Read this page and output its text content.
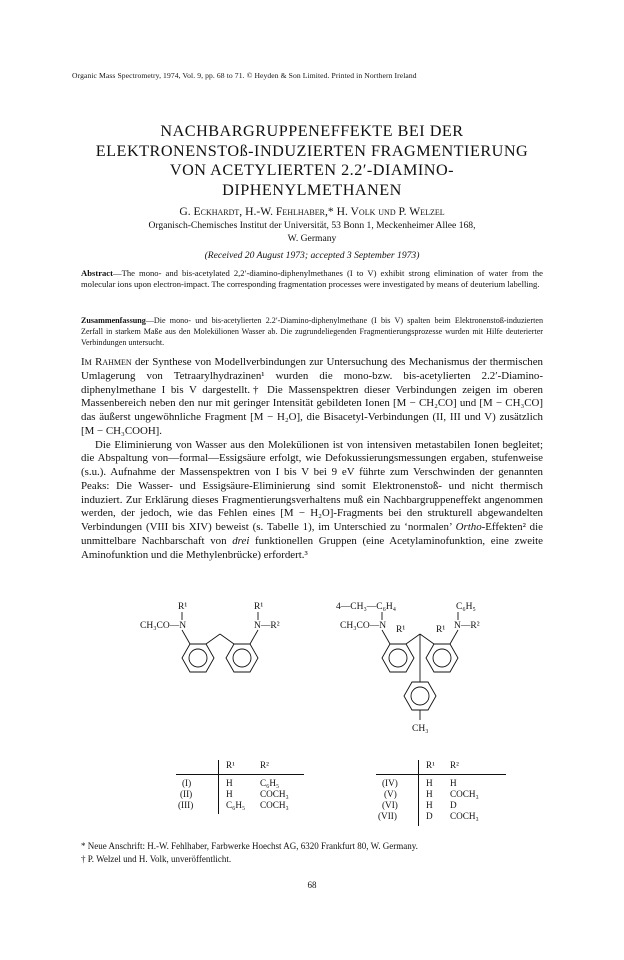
Organic Mass Spectrometry, 1974, Vol. 9, pp. 68 to 71. © Heyden & Son Limited. Printed in Northern Ireland
NACHBARGRUPPENEFFEKTE BEI DER
ELEKTRONENSTOß-INDUZIERTEN FRAGMENTIERUNG
VON ACETYLIERTEN 2.2′-DIAMINO-
DIPHENYLMETHANEN
G. Eckhardt, H.-W. Fehlhaber,* H. Volk und P. Welzel
Organisch-Chemisches Institut der Universität, 53 Bonn 1, Meckenheimer Allee 168,
W. Germany
(Received 20 August 1973; accepted 3 September 1973)
Abstract—The mono- and bis-acetylated 2,2′-diamino-diphenylmethanes (I to V) exhibit strong elimination of water from the molecular ions upon electron-impact. The corresponding fragmentation processes were investigated by means of deuterium labelling.
Zusammenfassung—Die mono- und bis-acetylierten 2.2′-Diamino-diphenylmethane (I bis V) spalten beim Elektronenstoß-induzierten Zerfall in starkem Maße aus den Molekülionen Wasser ab. Die zugrundeliegenden Fragmentierungsprozesse wurden mit Hilfe deuterierter Verbindungen untersucht.

Im Rahmen der Synthese von Modellverbindungen zur Untersuchung des Mechanismus der thermischen Umlagerung von Tetraarylhydrazinen¹ wurden die mono-bzw. bis-acetylierten 2.2′-Diamino-diphenylmethane I bis V dargestellt.† Die Massenspektren dieser Verbindungen zeigen im oberen Massenbereich neben den nur mit geringer Intensität gebildeten Ionen [M − CH₂CO] und [M − CH₃CO] das äußerst ungewöhnliche Fragment [M − H₂O], die Bisacetyl-Verbindungen (II, III und V) zusätzlich [M − CH₃COOH].

Die Eliminierung von Wasser aus den Molekülionen ist von intensiven metastabilen Ionen begleitet; die Abspaltung von—formal—Essigsäure erfolgt, wie Defokussierungsmessungen ergaben, stufenweise (s.u.). Aufnahme der Massenspektren von I bis V bei 9 eV führte zum Verschwinden der genannten Peaks: Die Wasser- und Essigsäure-Eliminierung sind somit Elektronenstoß- und nicht thermisch induziert. Zur Erklärung dieses Fragmentierungsverhaltens muß ein Nachbargruppeneffekt angenommen werden, der jedoch, wie das Fehlen eines [M − H₂O]-Fragments bei den strukturell abgewandelten Verbindungen (VIII bis XIV) beweist (s. Tabelle 1), im Unterschied zu ‘normalen’ Ortho-Effekten² die unmittelbare Nachbarschaft von drei funktionellen Gruppen (eine Acetylaminofunktion, eine zweite Aminofunktion und die Methylenbrücke) erfordert.³

R¹	R¹
CH₃CO—N	N—R²
4—CH₃—C₆H₄	C₆H₅
CH₃CO—N R¹	R¹ N—R²
CH₃
R¹	R²
(I)	H	C₆H₅
(II)	H	COCH₃
(III)	C₆H₅ COCH₃
R¹ R²
(IV)	H H
(V)	H COCH₃
(VI)	H D
(VII)	D COCH₃
* Neue Anschrift: H.-W. Fehlhaber, Farbwerke Hoechst AG, 6320 Frankfurt 80, W. Germany.
† P. Welzel und H. Volk, unveröffentlicht.
68
